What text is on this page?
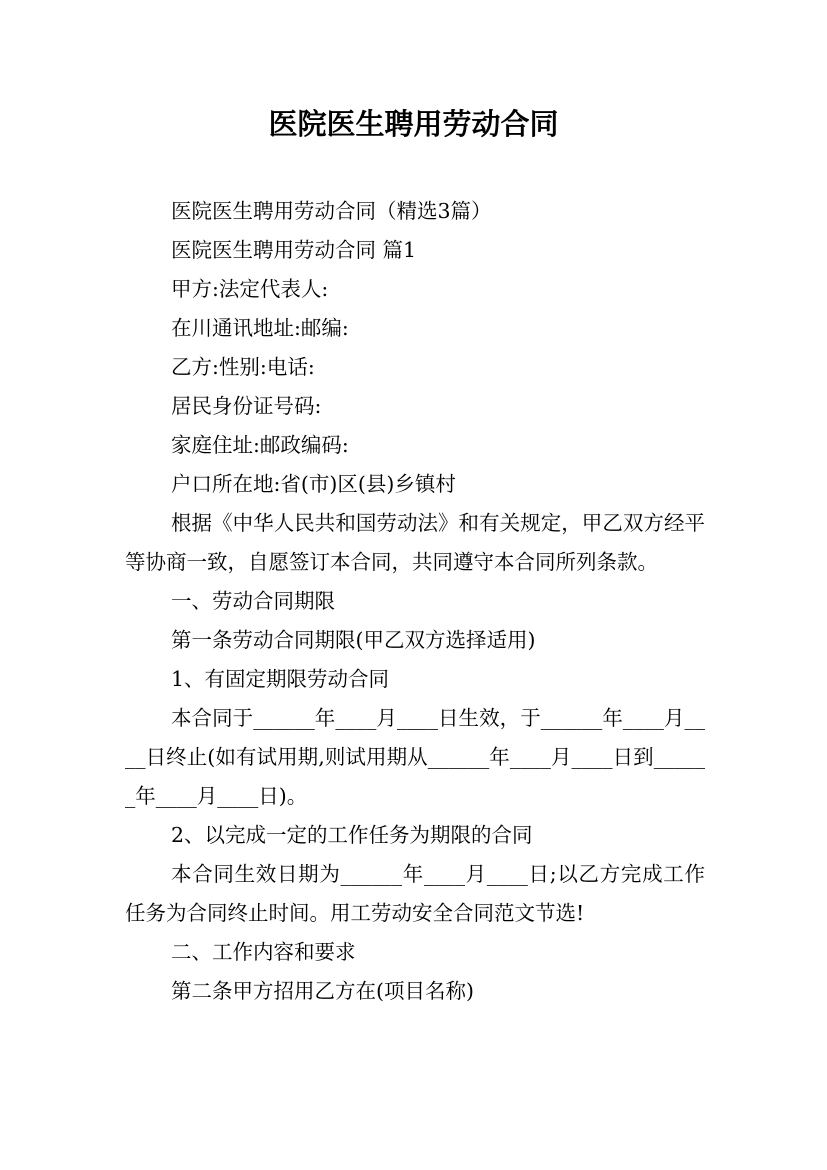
医院医生聘用劳动合同

医院医生聘用劳动合同（精选3篇）

医院医生聘用劳动合同 篇1

甲方:法定代表人:

在川通讯地址:邮编:

乙方:性别:电话:

居民身份证号码:

家庭住址:邮政编码:

户口所在地:省(市)区(县)乡镇村

根据《中华人民共和国劳动法》和有关规定，甲乙双方经平等协商一致，自愿签订本合同，共同遵守本合同所列条款。

一、劳动合同期限

第一条劳动合同期限(甲乙双方选择适用)

1、有固定期限劳动合同

本合同于______年____月____日生效，于______年____月____日终止(如有试用期,则试用期从______年____月____日到______年____月____日)。

2、以完成一定的工作任务为期限的合同

本合同生效日期为______年____月____日;以乙方完成工作任务为合同终止时间。用工劳动安全合同范文节选!

二、工作内容和要求

第二条甲方招用乙方在(项目名称)
